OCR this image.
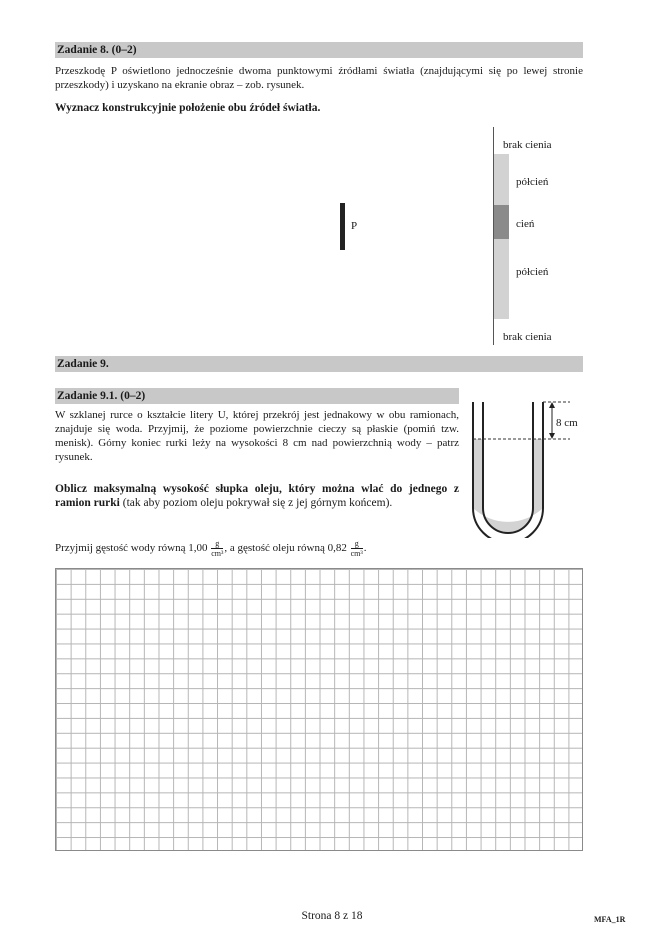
Zadanie 8. (0–2)
Przeszkodę P oświetlono jednocześnie dwoma punktowymi źródłami światła (znajdującymi się po lewej stronie przeszkody) i uzyskano na ekranie obraz – zob. rysunek.
Wyznacz konstrukcyjnie położenie obu źródeł światła.
P
brak cienia
półcień
cień
półcień
brak cienia
Zadanie 9.
Zadanie 9.1. (0–2)
W szklanej rurce o kształcie litery U, której przekrój jest jednakowy w obu ramionach, znajduje się woda. Przyjmij, że poziome powierzchnie cieczy są płaskie (pomiń tzw. menisk). Górny koniec rurki leży na wysokości 8 cm nad powierzchnią wody – patrz rysunek.
Oblicz maksymalną wysokość słupka oleju, który można wlać do jednego z ramion rurki (tak aby poziom oleju pokrywał się z jej górnym końcem).
Przyjmij gęstość wody równą $1,00 \frac{g}{\text{cm³}}$ , a gęstość oleju równą $0,82 \frac{g}{\text{cm³}}$ .
8 cm
Strona 8 z 18	MFA_1R
